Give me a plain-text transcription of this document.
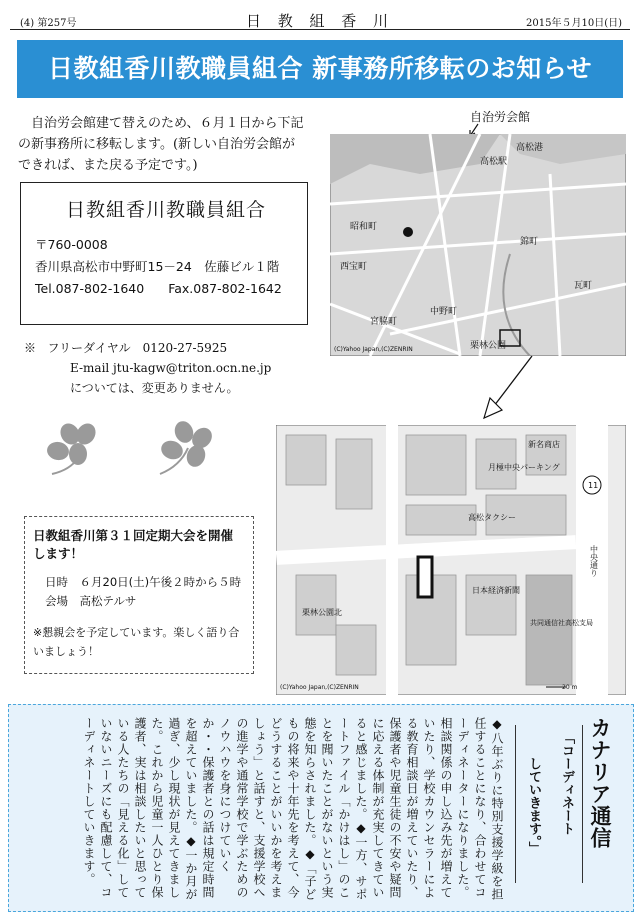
(4) 第257号	日 教 組 香 川	2015年５月10日(日)
日教組香川教職員組合 新事務所移転のお知らせ

自治労会館建て替えのため、６月１日から下記の新事務所に移転します。(新しい自治労会館ができれば、また戻る予定です。)

日教組香川教職員組合
〒760-0008
香川県高松市中野町15－24　佐藤ビル１階
Tel.087-802-1640 Fax.087-802-1642
※ フリーダイヤル　0120-27-5925
E-mail jtu-kagw@triton.ocn.ne.jp
については、変更ありません。
日教組香川第３１回定期大会を開催します！
日時　６月20日(土)午後２時から５時
会場　高松テルサ
※懇親会を予定しています。楽しく語り合いましょう！
自治労会館
高松港
高松駅
昭和町
瓦町
西宝町
中野町
栗林公園
宮脇町
錦町
(C)Yahoo Japan,(C)ZENRIN
新名商店
月極中央パーキング
中央通り
高松タクシー
日本経済新聞
共同通信社高松支局
栗林公園北
11
(C)Yahoo Japan,(C)ZENRIN	20 m
カナリア通信
「コーディネート
していきます。」
◆八年ぶりに特別支援学級を担任することになり、合わせてコーディネーターになりました。相談関係の申し込み先が増えていたり、学校カウンセラーによる教育相談日が増えていたり、保護者や児童生徒の不安や疑問に応える体制が充実してきていると感じました。◆一方、サポートファイル「かけはし」のことを聞いたことがないという実態を知らされました。◆「子どもの将来や十年先を考えて、今どうすることがいいかを考えましょう」と話すと、支援学校への進学や通常学校で学ぶためのノウハウを身につけていくか・・保護者との話は規定時間を超えていました。◆一か月が過ぎ、少し現状が見えてきました。これから児童一人ひとり保護者、実は相談したいと思っている人たちの「見える化」していないニーズにも配慮して、コーディネートしていきます。
